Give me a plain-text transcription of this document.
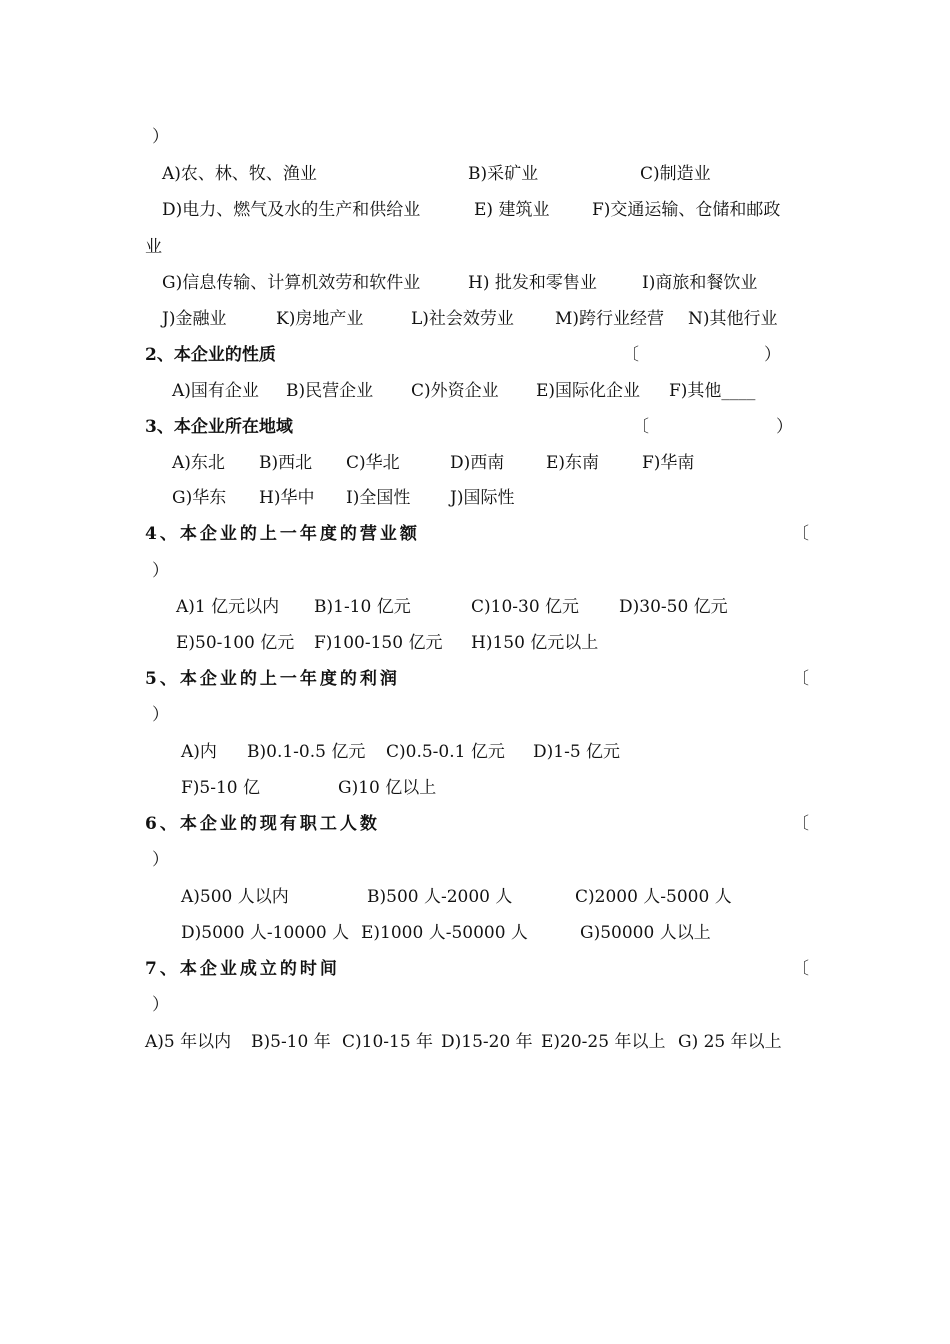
）
A)农、林、牧、渔业	B)采矿业	C)制造业
D)电力、燃气及水的生产和供给业	E) 建筑业	F)交通运输、仓储和邮政
业
G)信息传输、计算机效劳和软件业	H) 批发和零售业	I)商旅和餐饮业
J)金融业	K)房地产业	L)社会效劳业 M)跨行业经营 N)其他行业
2、本企业的性质	〔	）
A)国有企业 B)民营企业 C)外资企业 E)国际化企业 F)其他____
3、本企业所在地域	〔	）
A)东北 B)西北 C)华北	D)西南 E)东南	F)华南
G)华东 H)华中 I)全国性 J)国际性
4、本企业的上一年度的营业额	〔
）
A)1 亿元以内 B)1-10 亿元	C)10-30 亿元 D)30-50 亿元
E)50-100 亿元 F)100-150 亿元 H)150 亿元以上
5、本企业的上一年度的利润	〔
）
A)内 B)0.1-0.5 亿元 C)0.5-0.1 亿元 D)1-5 亿元
F)5-10 亿	G)10 亿以上
6、本企业的现有职工人数	〔
）
A)500 人以内	B)500 人-2000 人	C)2000 人-5000 人
D)5000 人-10000 人 E)1000 人-50000 人	G)50000 人以上
7、本企业成立的时间	〔
）
A)5 年以内 B)5-10 年 C)10-15 年 D)15-20 年 E)20-25 年以上 G) 25 年以上
